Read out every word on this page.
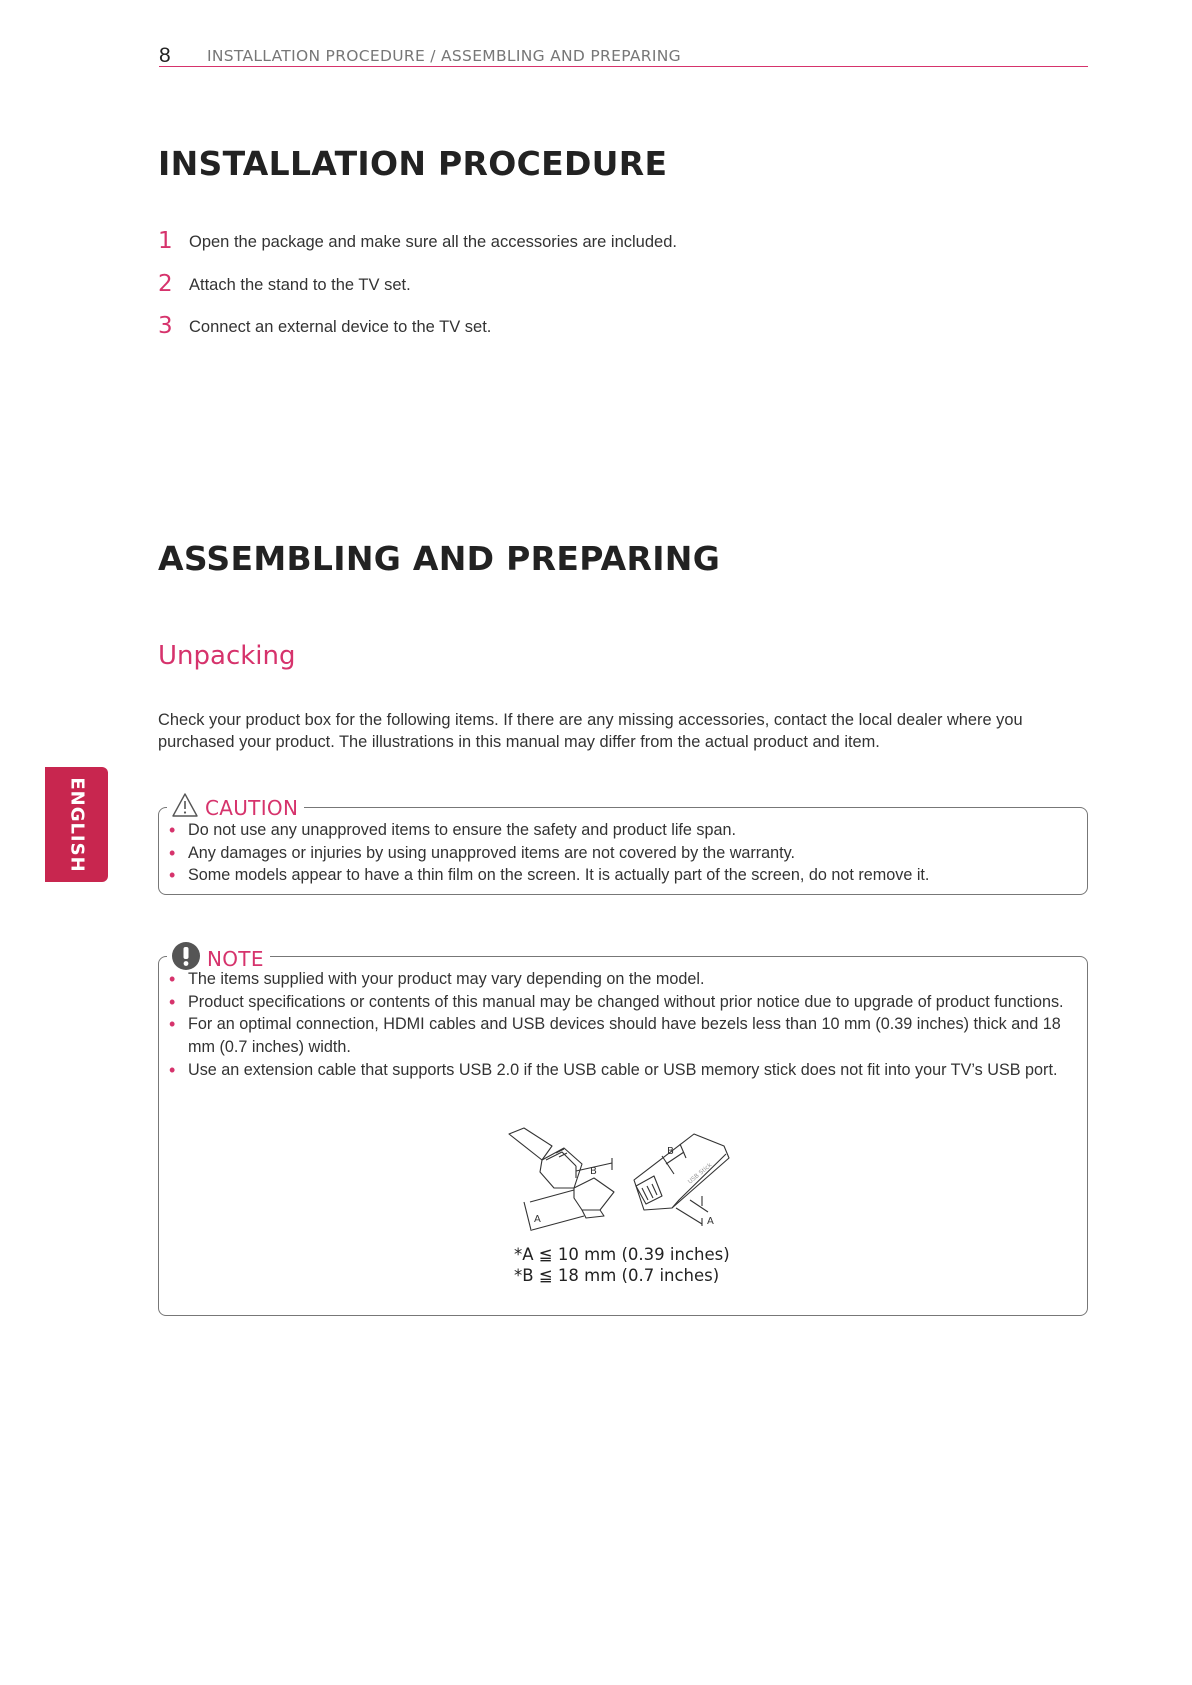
8 INSTALLATION PROCEDURE / ASSEMBLING AND PREPARING
ENGLISH
INSTALLATION PROCEDURE
1 Open the package and make sure all the accessories are included.
2 Attach the stand to the TV set.
3 Connect an external device to the TV set.
ASSEMBLING AND PREPARING
Unpacking

Check your product box for the following items. If there are any missing accessories, contact the local dealer where you purchased your product. The illustrations in this manual may differ from the actual product and item.

CAUTION
• Do not use any unapproved items to ensure the safety and product life span.
• Any damages or injuries by using unapproved items are not covered by the warranty.
• Some models appear to have a thin film on the screen. It is actually part of the screen, do not remove it.
NOTE
• The items supplied with your product may vary depending on the model.
• Product specifications or contents of this manual may be changed without prior notice due to upgrade of product functions.
• For an optimal connection, HDMI cables and USB devices should have bezels less than 10 mm (0.39 inches) thick and 18 mm (0.7 inches) width.
• Use an extension cable that supports USB 2.0 if the USB cable or USB memory stick does not fit into your TV’s USB port.
A
B
B
A
USB Stick
*A ≦ 10 mm (0.39 inches)
*B ≦ 18 mm (0.7 inches)
